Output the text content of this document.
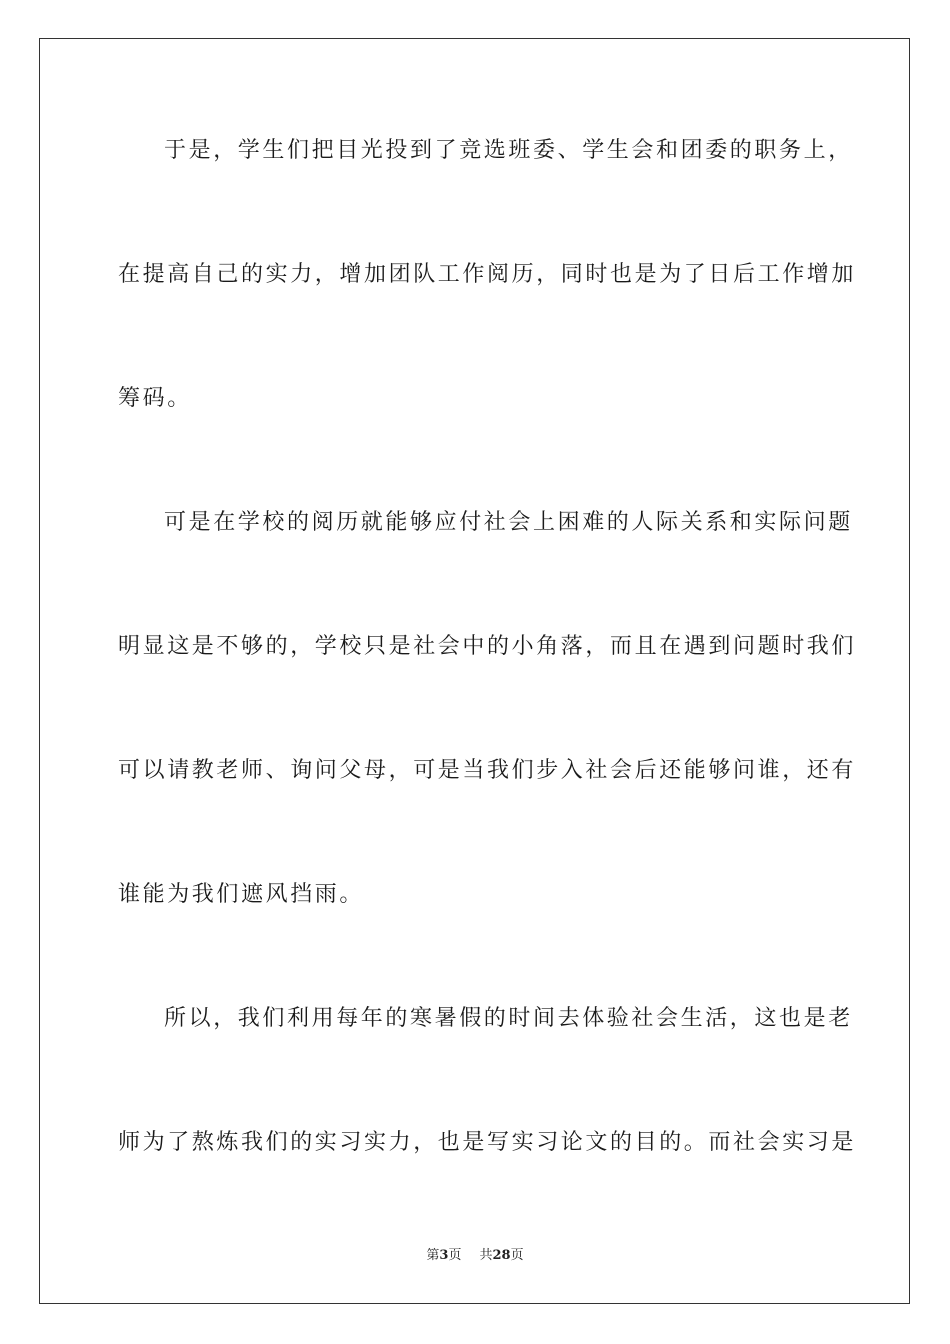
于是，学生们把目光投到了竞选班委、学生会和团委的职务上，
在提高自己的实力，增加团队工作阅历，同时也是为了日后工作增加
筹码。
可是在学校的阅历就能够应付社会上困难的人际关系和实际问题
明显这是不够的，学校只是社会中的小角落，而且在遇到问题时我们
可以请教老师、询问父母，可是当我们步入社会后还能够问谁，还有
谁能为我们遮风挡雨。
所以，我们利用每年的寒暑假的时间去体验社会生活，这也是老
师为了熬炼我们的实习实力，也是写实习论文的目的。而社会实习是
第3页 共28页
